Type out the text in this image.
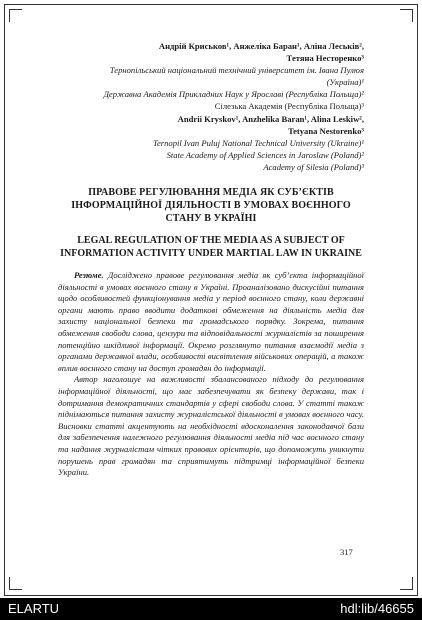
Андрій Криськов¹, Анжеліка Баран¹, Аліна Леськів²,
Тетяна Несторенко³
Тернопільський національний технічний університет ім. Івана Пулюя
(Україна)¹
Державна Академія Прикладних Наук у Ярославі (Республіка Польща)²
Сілезька Академія (Республіка Польща)³
Andrii Kryskov¹, Anzhelika Baran¹, Alina Leskiw²,
Tetyana Nestorenko³
Ternopil Ivan Puluj National Technical University (Ukraine)¹
State Academy of Applied Sciences in Jaroslaw (Poland)²
Academy of Silesia (Poland)³
ПРАВОВЕ РЕГУЛЮВАННЯ МЕДІА ЯК СУБ’ЄКТІВ ІНФОРМАЦІЙНОЇ ДІЯЛЬНОСТІ В УМОВАХ ВОЄННОГО СТАНУ В УКРАЇНІ
LEGAL REGULATION OF THE MEDIA AS A SUBJECT OF INFORMATION ACTIVITY UNDER MARTIAL LAW IN UKRAINE

Резюме. Досліджено правове регулювання медіа як суб’єкта інформаційної діяльності в умовах воєнного стану в Україні. Проаналізовано дискусійні питання щодо особливостей функціонування медіа у період воєнного стану, коли державні органи мають право вводити додаткові обмеження на діяльність медіа для захисту національної безпеки та громадського порядку. Зокрема, питання обмеження свободи слова, цензури та відповідальності журналістів за поширення потенційно шкідливої інформації. Окремо розглянуто питання взаємодії медіа з органами державної влади, особливості висвітлення військових операцій, а також вплив воєнного стану на доступ громадян до інформації.

Автор наголошує на важливості збалансованого підходу до регулювання інформаційної діяльності, що має забезпечувати як безпеку держави, так і дотримання демократичних стандартів у сфері свободи слова. У статті також піднімаються питання захисту журналістської діяльності в умовах воєнного часу. Висновки статті акцентують на необхідності вдосконалення законодавчої бази для забезпечення належного регулювання діяльності медіа під час воєнного стану та надання журналістам чітких правових орієнтирів, що допоможуть уникнути порушень прав громадян та сприятимуть підтримці інформаційної безпеки України.

317
ELARTU	hdl:lib/46655
